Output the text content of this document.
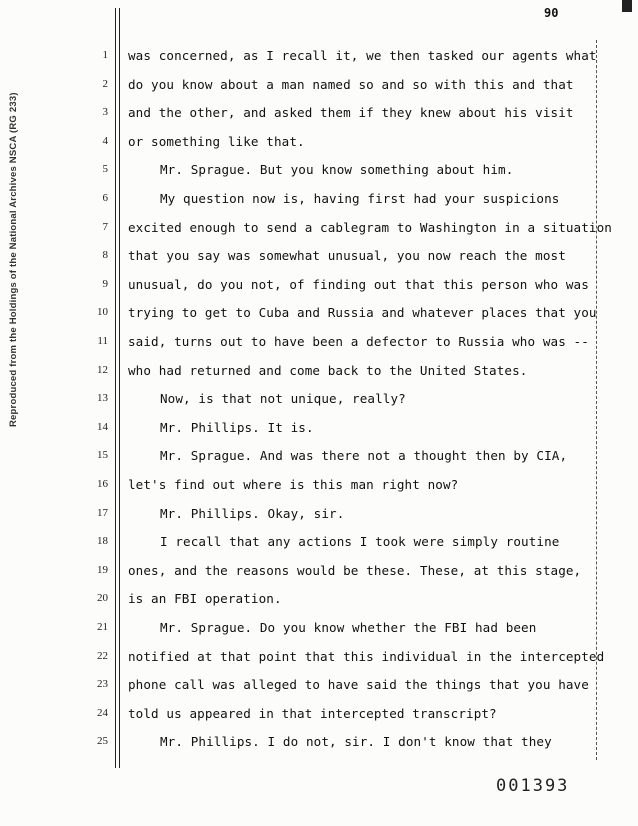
Reproduced from the Holdings of the National Archives NSCA (RG 233)
90
1 was concerned, as I recall it, we then tasked our agents what
2 do you know about a man named so and so with this and that
3 and the other, and asked them if they knew about his visit
4 or something like that.
5	Mr. Sprague. But you know something about him.
6	My question now is, having first had your suspicions
7 excited enough to send a cablegram to Washington in a situation
8 that you say was somewhat unusual, you now reach the most
9 unusual, do you not, of finding out that this person who was
10 trying to get to Cuba and Russia and whatever places that you
11 said, turns out to have been a defector to Russia who was --
12 who had returned and come back to the United States.
13	Now, is that not unique, really?
14	Mr. Phillips. It is.
15	Mr. Sprague. And was there not a thought then by CIA,
16 let's find out where is this man right now?
17	Mr. Phillips. Okay, sir.
18	I recall that any actions I took were simply routine
19 ones, and the reasons would be these. These, at this stage,
20 is an FBI operation.
21	Mr. Sprague. Do you know whether the FBI had been
22 notified at that point that this individual in the intercepted
23 phone call was alleged to have said the things that you have
24 told us appeared in that intercepted transcript?
25	Mr. Phillips. I do not, sir. I don't know that they
001393
